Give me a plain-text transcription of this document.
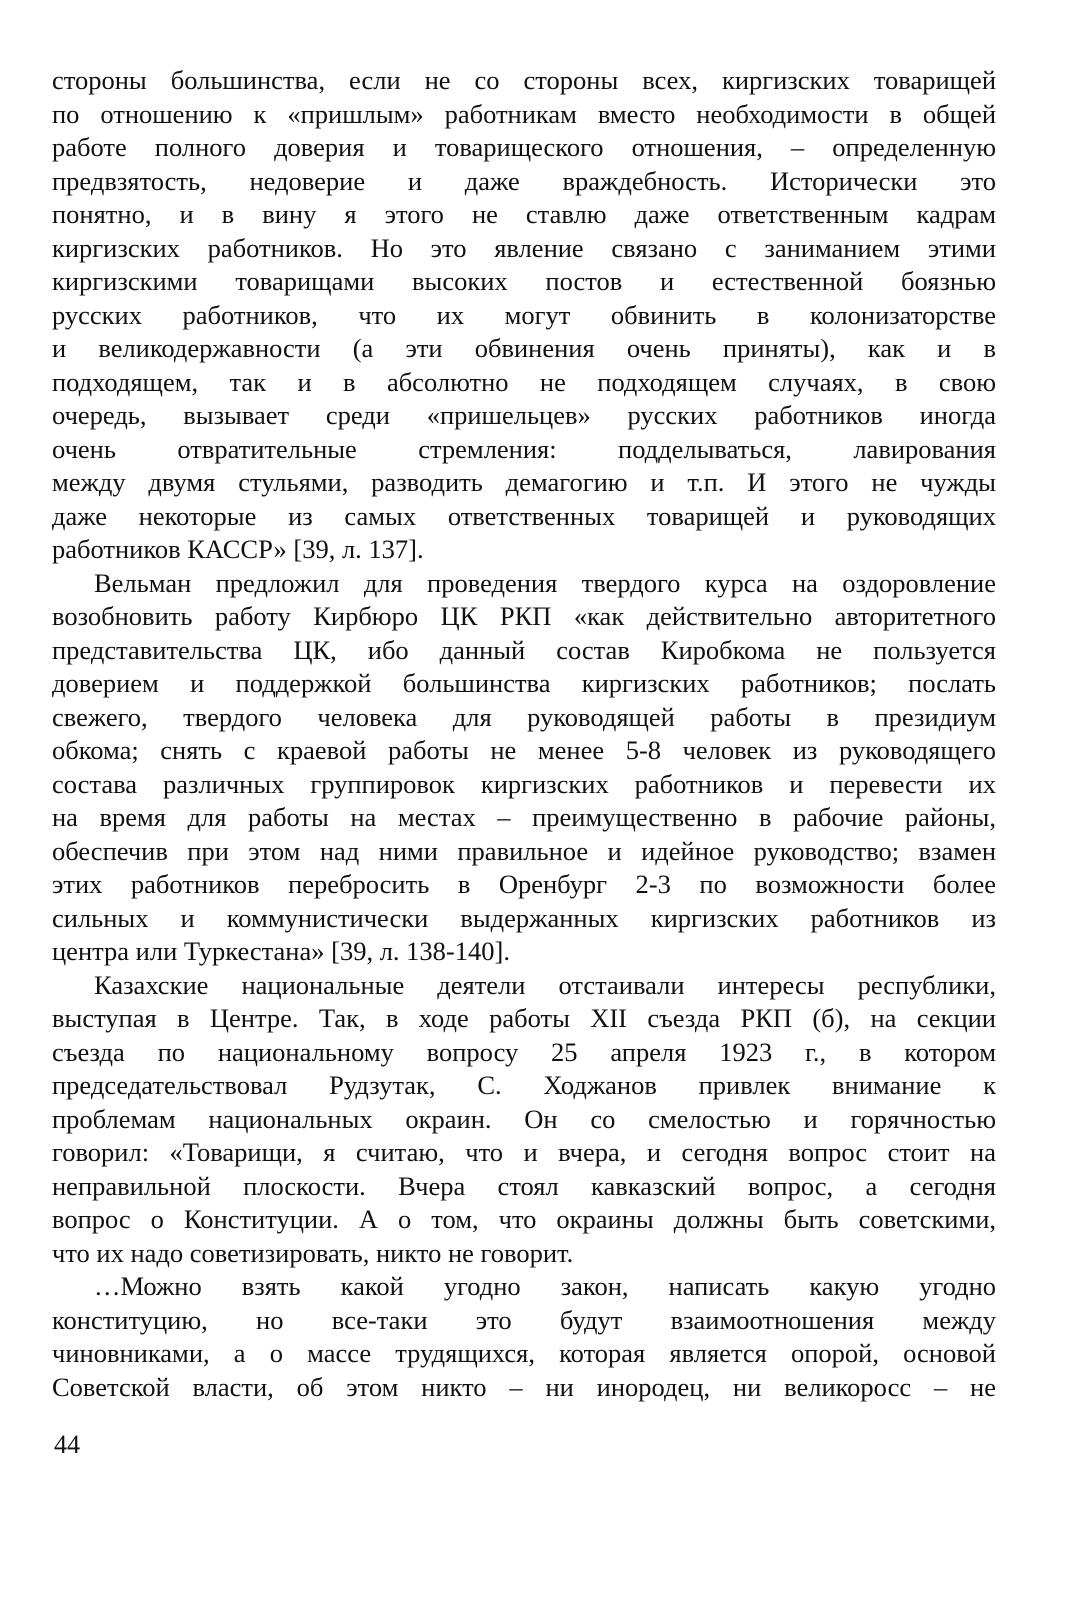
стороны большинства, если не со стороны всех, киргизских товарищей
по отношению к «пришлым» работникам вместо необходимости в общей
работе полного доверия и товарищеского отношения, – определенную
предвзятость, недоверие и даже враждебность. Исторически это
понятно, и в вину я этого не ставлю даже ответственным кадрам
киргизских работников. Но это явление связано с заниманием этими
киргизскими товарищами высоких постов и естественной боязнью
русских работников, что их могут обвинить в колонизаторстве
и великодержавности (а эти обвинения очень приняты), как и в
подходящем, так и в абсолютно не подходящем случаях, в свою
очередь, вызывает среди «пришельцев» русских работников иногда
очень отвратительные стремления: подделываться, лавирования
между двумя стульями, разводить демагогию и т.п. И этого не чужды
даже некоторые из самых ответственных товарищей и руководящих
работников КАССР» [39, л. 137].
Вельман предложил для проведения твердого курса на оздоровление
возобновить работу Кирбюро ЦК РКП «как действительно авторитетного
представительства ЦК, ибо данный состав Киробкома не пользуется
доверием и поддержкой большинства киргизских работников; послать
свежего, твердого человека для руководящей работы в президиум
обкома; снять с краевой работы не менее 5-8 человек из руководящего
состава различных группировок киргизских работников и перевести их
на время для работы на местах – преимущественно в рабочие районы,
обеспечив при этом над ними правильное и идейное руководство; взамен
этих работников перебросить в Оренбург 2-3 по возможности более
сильных и коммунистически выдержанных киргизских работников из
центра или Туркестана» [39, л. 138-140].
Казахские национальные деятели отстаивали интересы республики,
выступая в Центре. Так, в ходе работы XII съезда РКП (б), на секции
съезда по национальному вопросу 25 апреля 1923 г., в котором
председательствовал Рудзутак, С. Ходжанов привлек внимание к
проблемам национальных окраин. Он со смелостью и горячностью
говорил: «Товарищи, я считаю, что и вчера, и сегодня вопрос стоит на
неправильной плоскости. Вчера стоял кавказский вопрос, а сегодня
вопрос о Конституции. А о том, что окраины должны быть советскими,
что их надо советизировать, никто не говорит.
…Можно взять какой угодно закон, написать какую угодно
конституцию, но все-таки это будут взаимоотношения между
чиновниками, а о массе трудящихся, которая является опорой, основой
Советской власти, об этом никто – ни инородец, ни великоросс – не
44
